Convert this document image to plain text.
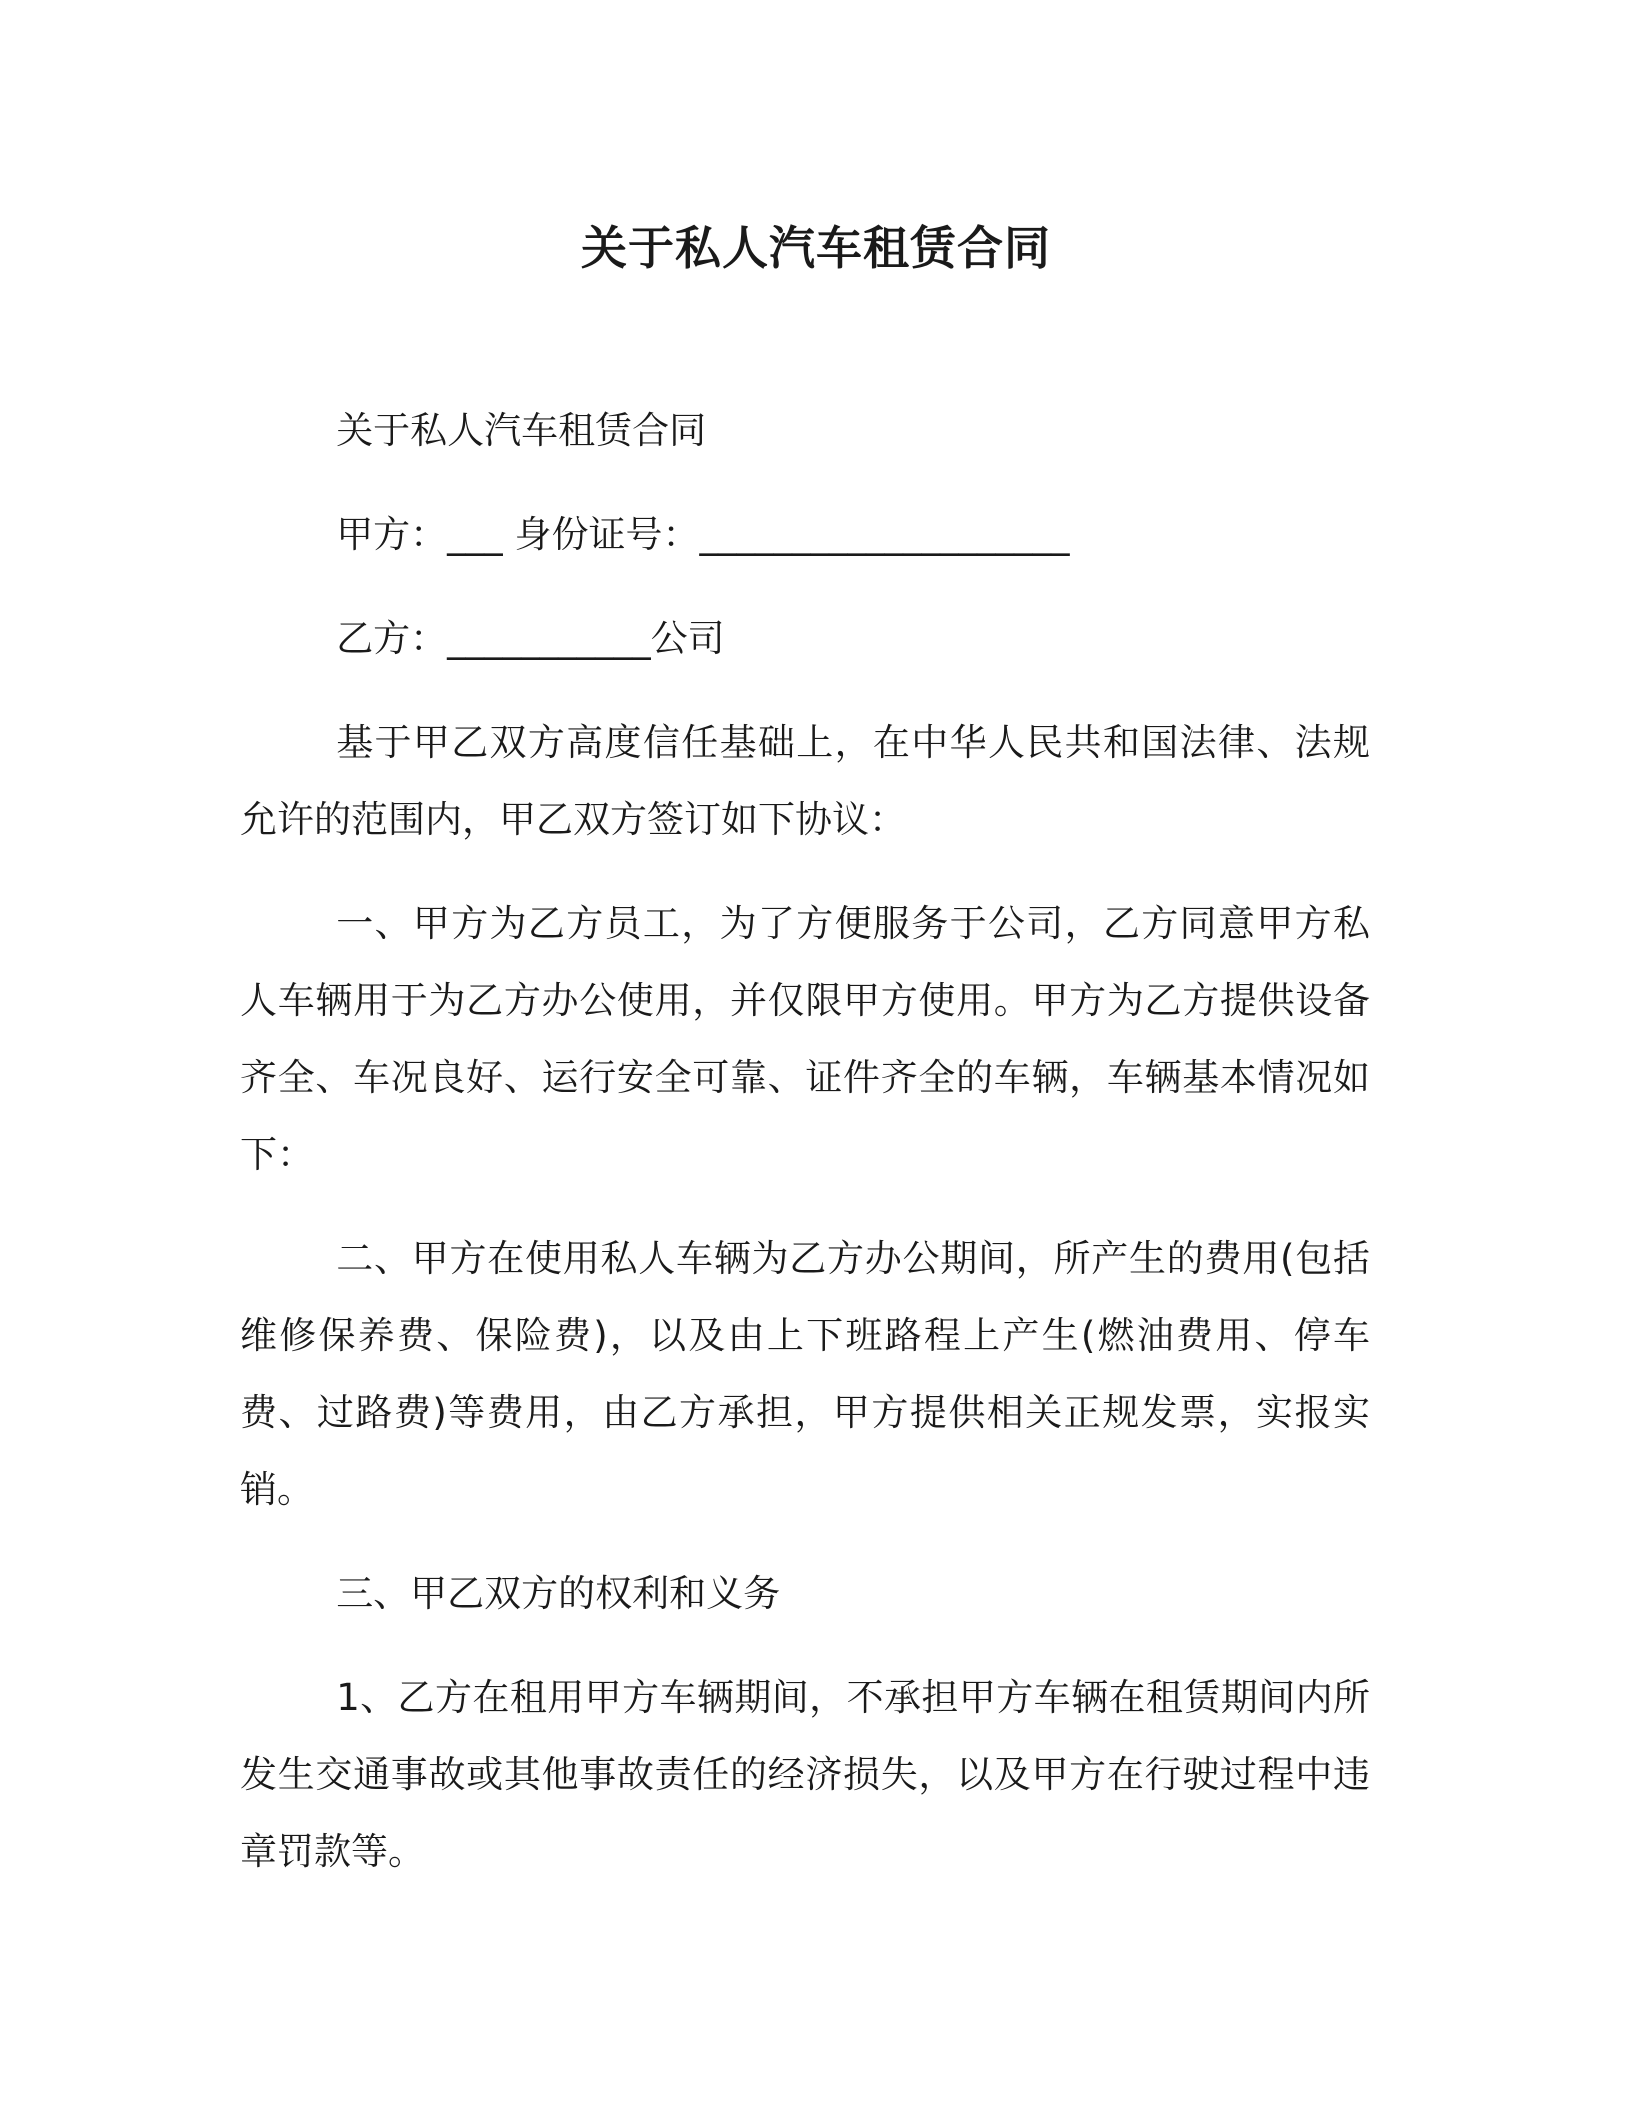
关于私人汽车租赁合同

关于私人汽车租赁合同

甲方：___ 身份证号：____________________

乙方：___________公司

基于甲乙双方高度信任基础上，在中华人民共和国法律、法规允许的范围内，甲乙双方签订如下协议：

一、甲方为乙方员工，为了方便服务于公司，乙方同意甲方私人车辆用于为乙方办公使用，并仅限甲方使用。甲方为乙方提供设备齐全、车况良好、运行安全可靠、证件齐全的车辆，车辆基本情况如下：

二、甲方在使用私人车辆为乙方办公期间，所产生的费用(包括维修保养费、保险费)，以及由上下班路程上产生(燃油费用、停车费、过路费)等费用，由乙方承担，甲方提供相关正规发票，实报实销。

三、甲乙双方的权利和义务

1、乙方在租用甲方车辆期间，不承担甲方车辆在租赁期间内所发生交通事故或其他事故责任的经济损失，以及甲方在行驶过程中违章罚款等。
